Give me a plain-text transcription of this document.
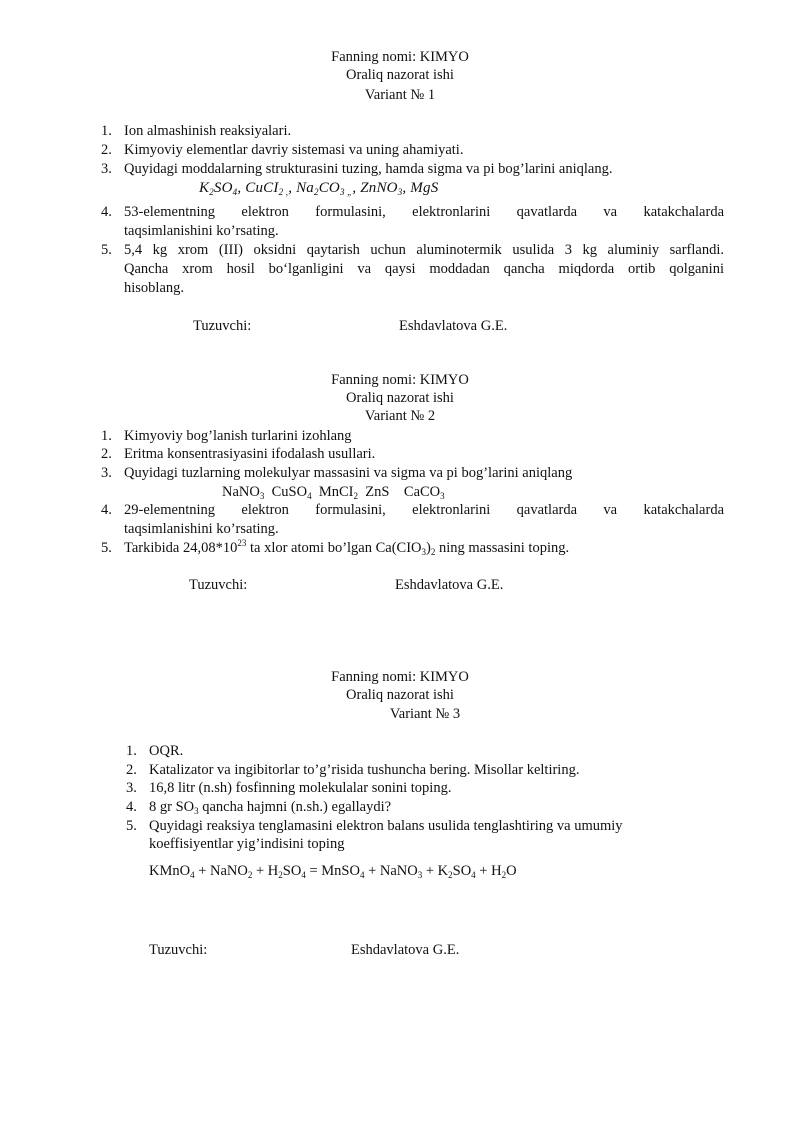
Fanning nomi: KIMYO
Oraliq nazorat ishi
Variant № 1
1. Ion almashinish reaksiyalari.
2. Kimyoviy elementlar davriy sistemasi va uning ahamiyati.
3. Quyidagi moddalarning strukturasini tuzing, hamda sigma va pi bog’larini aniqlang.
$K_2SO_4$, CuCI$_{2 ,}$, $Na_2CO_{3 „}$, ZnNO$_3$, MgS
4. 53-elementning elektron formulasini, elektronlarini qavatlarda va katakchalarda
taqsimlanishini ko’rsating.
5. 5,4 kg xrom (III) oksidni qaytarish uchun aluminotermik usulida 3 kg aluminiy sarflandi.
Qancha xrom hosil bo‘lganligini va qaysi moddadan qancha miqdorda ortib qolganini
hisoblang.
Tuzuvchi:	Eshdavlatova G.E.
Fanning nomi: KIMYO
Oraliq nazorat ishi
Variant № 2
1. Kimyoviy bog’lanish turlarini izohlang
2. Eritma konsentrasiyasini ifodalash usullari.
3. Quyidagi tuzlarning molekulyar massasini va sigma va pi bog’larini aniqlang
NaNO$_3$ CuSO$_4$ MnCI$_2$ ZnS CaCO$_3$
4. 29-elementning elektron formulasini, elektronlarini qavatlarda va katakchalarda
taqsimlanishini ko’rsating.
5. Tarkibida $24,08*10^{23}$ ta xlor atomi bo’lgan $Ca(CIO_3)_2$ ning massasini toping.
Tuzuvchi:	Eshdavlatova G.E.
Fanning nomi: KIMYO
Oraliq nazorat ishi
Variant № 3
1. OQR.
2. Katalizator va ingibitorlar to’g’risida tushuncha bering. Misollar keltiring.
3. 16,8 litr (n.sh) fosfinning molekulalar sonini toping.
4. 8 gr $SO_3$ qancha hajmni (n.sh.) egallaydi?
5. Quyidagi reaksiya tenglamasini elektron balans usulida tenglashtiring va umumiy
koeffisiyentlar yig’indisini toping
KMnO$_4$ + NaNO$_2$ + $H_2SO_4$ = MnSO$_4$ + NaNO$_3$ + $K_2SO_4 + H_2O$
Tuzuvchi:	Eshdavlatova G.E.
